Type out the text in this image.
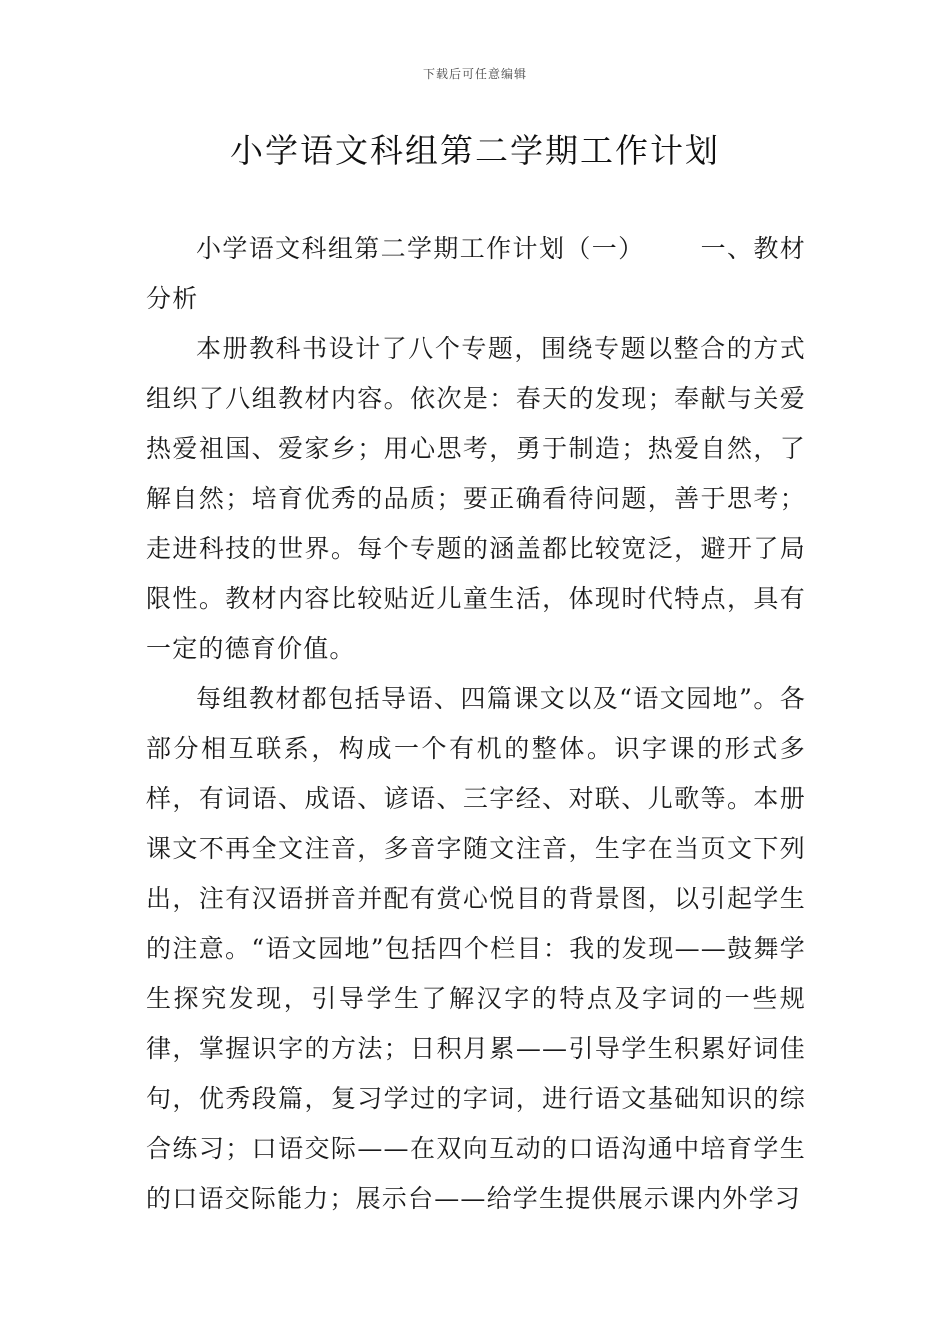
下载后可任意编辑
小学语文科组第二学期工作计划

小学语文科组第二学期工作计划（一） 一、教材分析

本册教科书设计了八个专题，围绕专题以整合的方式组织了八组教材内容。依次是：春天的发现；奉献与关爱热爱祖国、爱家乡；用心思考，勇于制造；热爱自然，了解自然；培育优秀的品质；要正确看待问题，善于思考；走进科技的世界。每个专题的涵盖都比较宽泛，避开了局限性。教材内容比较贴近儿童生活，体现时代特点，具有一定的德育价值。

每组教材都包括导语、四篇课文以及“语文园地”。各部分相互联系，构成一个有机的整体。识字课的形式多样，有词语、成语、谚语、三字经、对联、儿歌等。本册课文不再全文注音，多音字随文注音，生字在当页文下列出，注有汉语拼音并配有赏心悦目的背景图，以引起学生的注意。“语文园地”包括四个栏目：我的发现——鼓舞学生探究发现，引导学生了解汉字的特点及字词的一些规律，掌握识字的方法；日积月累——引导学生积累好词佳句，优秀段篇，复习学过的字词，进行语文基础知识的综合练习；口语交际——在双向互动的口语沟通中培育学生的口语交际能力；展示台——给学生提供展示课内外学习
